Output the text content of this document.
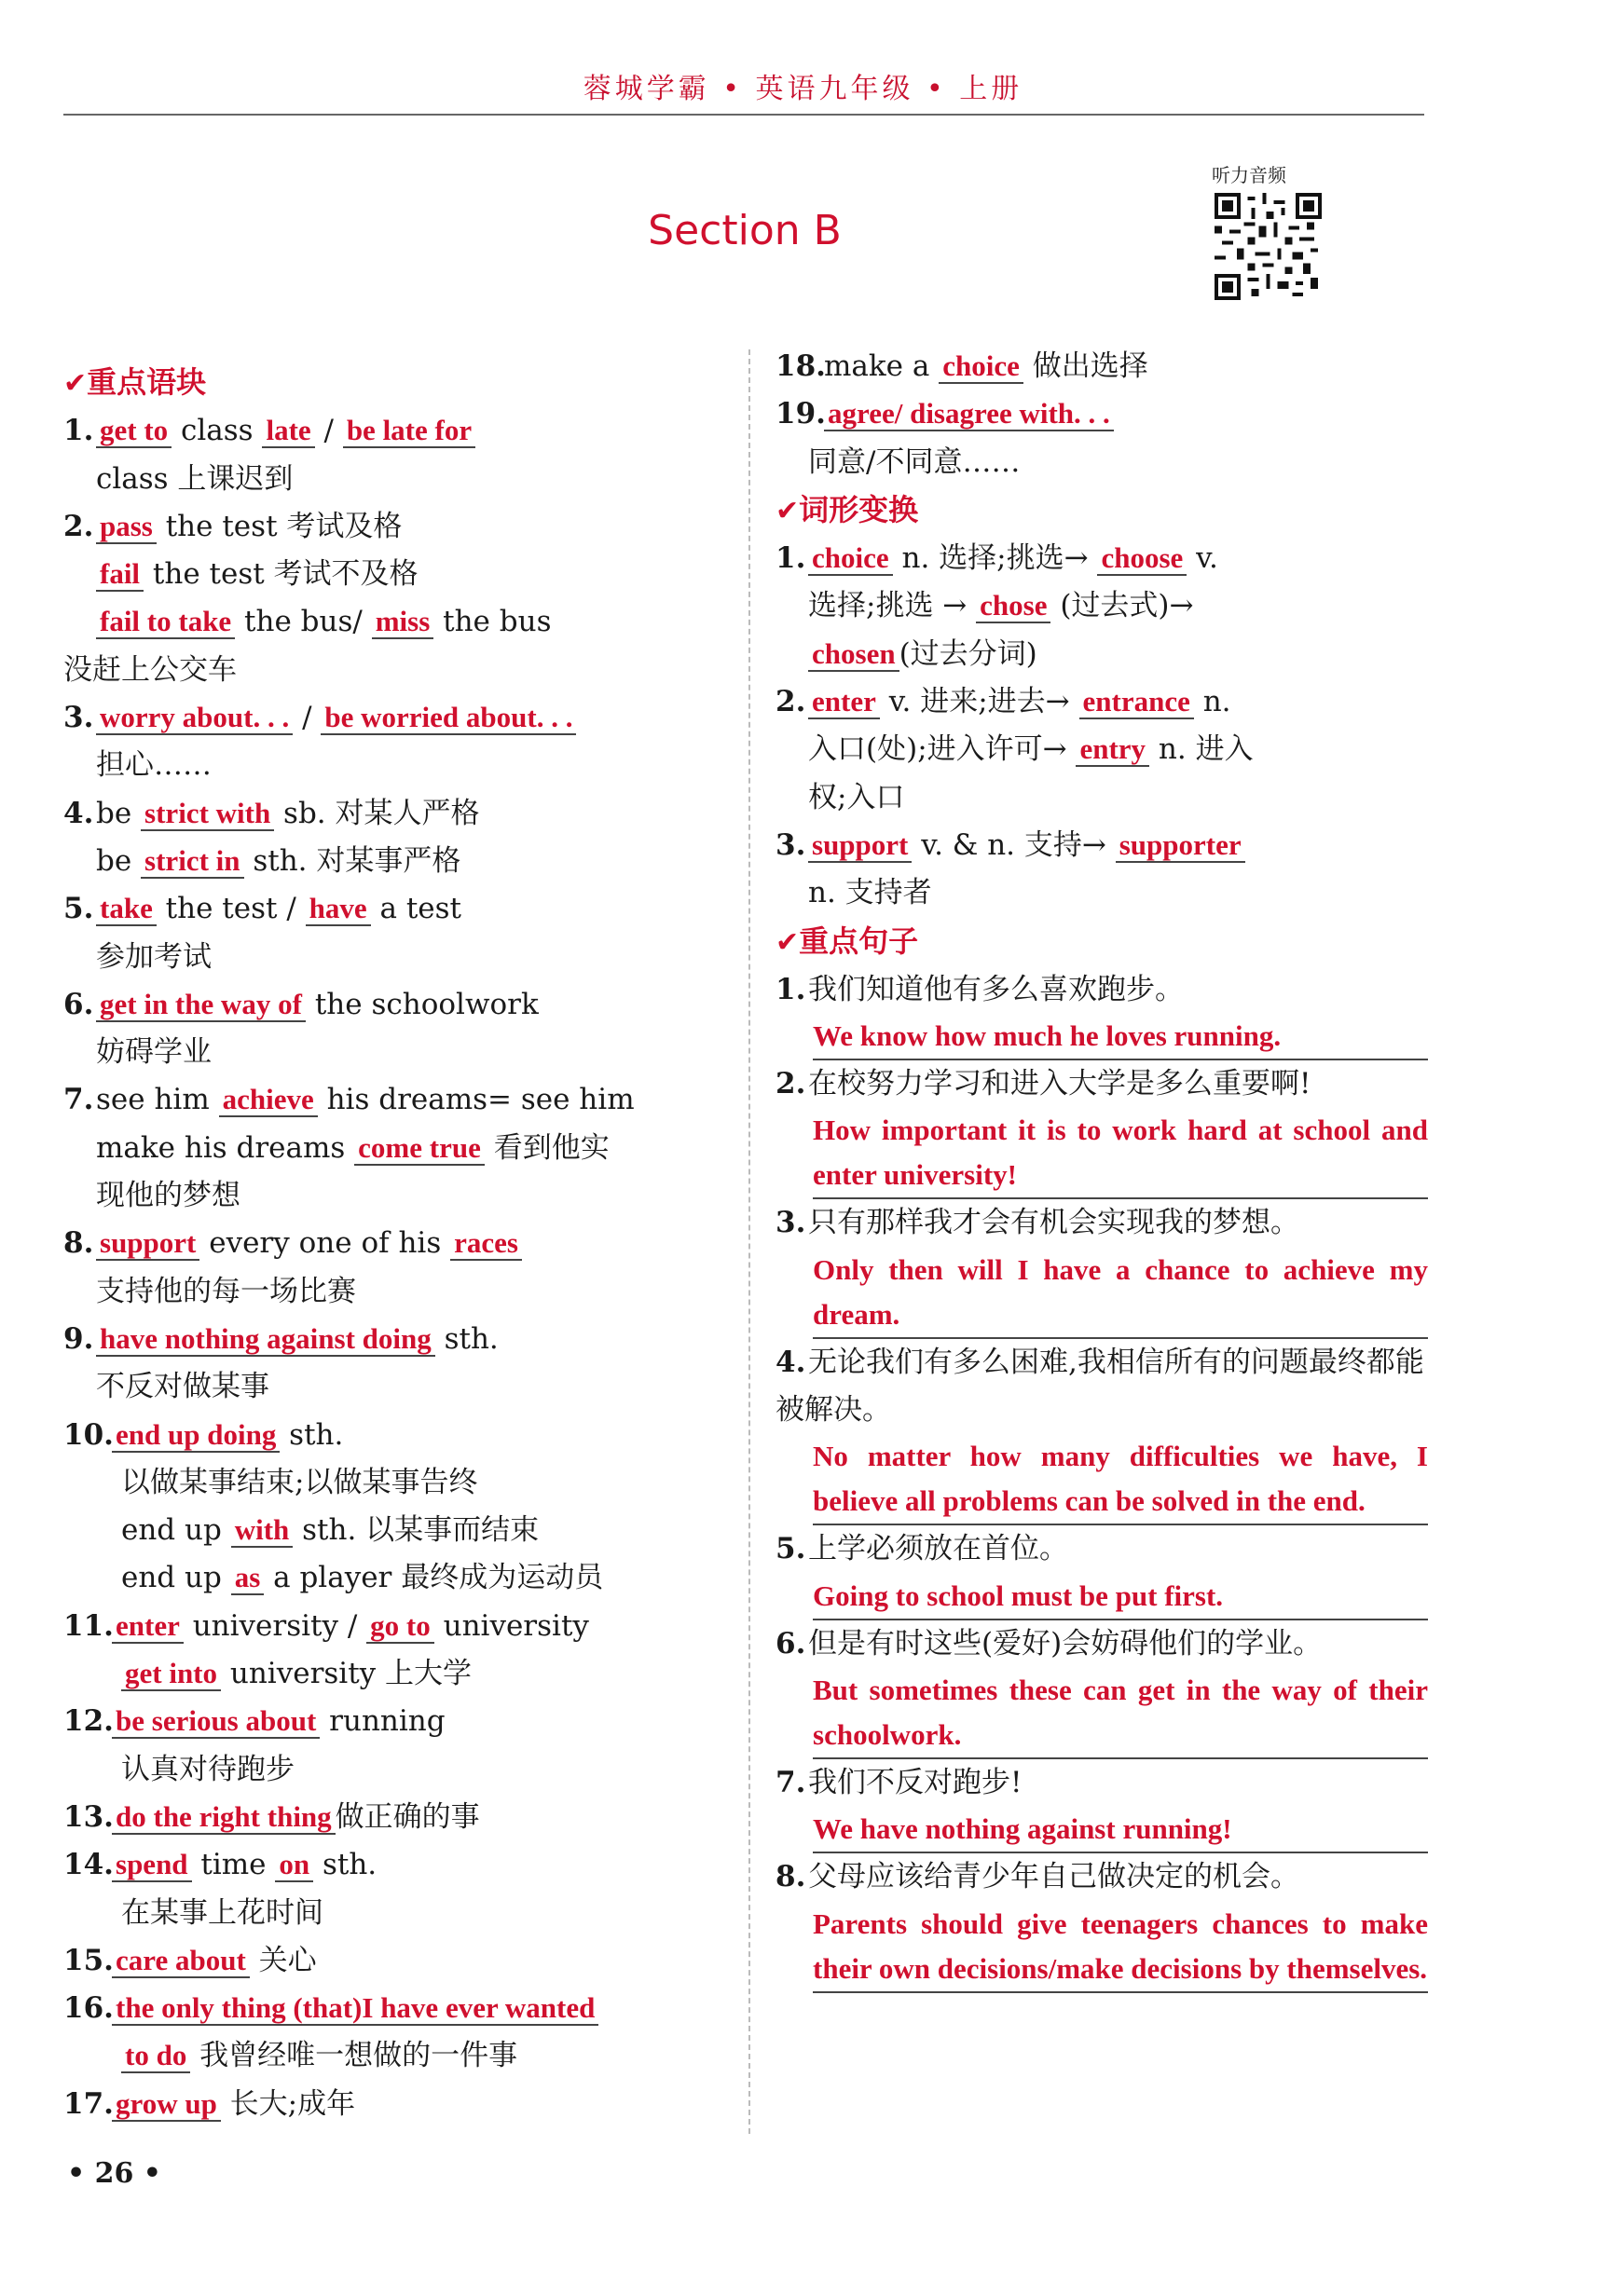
蓉城学霸 • 英语九年级 • 上册
Section B
听力音频
✔重点语块
1. get to class late / be late for
class 上课迟到
2. pass the test 考试及格
fail the test 考试不及格
fail to take the bus/ miss the bus
没赶上公交车
3. worry about. . . / be worried about. . .
担心……
4.be strict with sb. 对某人严格
be strict in sth. 对某事严格
5. take the test / have a test
参加考试
6. get in the way of the schoolwork
妨碍学业
7.see him achieve his dreams= see him
make his dreams come true 看到他实
现他的梦想
8. support every one of his races
支持他的每一场比赛
9. have nothing against doing sth.
不反对做某事
10.end up doing sth.
以做某事结束;以做某事告终
end up with sth. 以某事而结束
end up as a player 最终成为运动员
11.enter university / go to university
get into university 上大学
12.be serious about running
认真对待跑步
13.do the right thing 做正确的事
14.spend time on sth.
在某事上花时间
15.care about 关心
16.the only thing (that)I have ever wanted
to do 我曾经唯一想做的一件事
17.grow up 长大;成年
18.make a choice 做出选择
19.agree/ disagree with. . .
同意/不同意……
✔词形变换
1. choice n. 选择;挑选→ choose v.
选择;挑选 → chose (过去式)→
chosen (过去分词)
2. enter v. 进来;进去→ entrance n.
入口(处);进入许可→ entry n. 进入
权;入口
3. support v. & n. 支持→ supporter
n. 支持者
✔重点句子
1.我们知道他有多么喜欢跑步。
We know how much he loves running.
2.在校努力学习和进入大学是多么重要啊!
How important it is to work hard at school and enter university!
3.只有那样我才会有机会实现我的梦想。
Only then will I have a chance to achieve my dream.
4.无论我们有多么困难,我相信所有的问题最终都能被解决。
No matter how many difficulties we have, I believe all problems can be solved in the end.
5.上学必须放在首位。
Going to school must be put first.
6.但是有时这些(爱好)会妨碍他们的学业。
But sometimes these can get in the way of their schoolwork.
7.我们不反对跑步!
We have nothing against running!
8.父母应该给青少年自己做决定的机会。
Parents should give teenagers chances to make their own decisions/make decisions by themselves.
• 26 •
